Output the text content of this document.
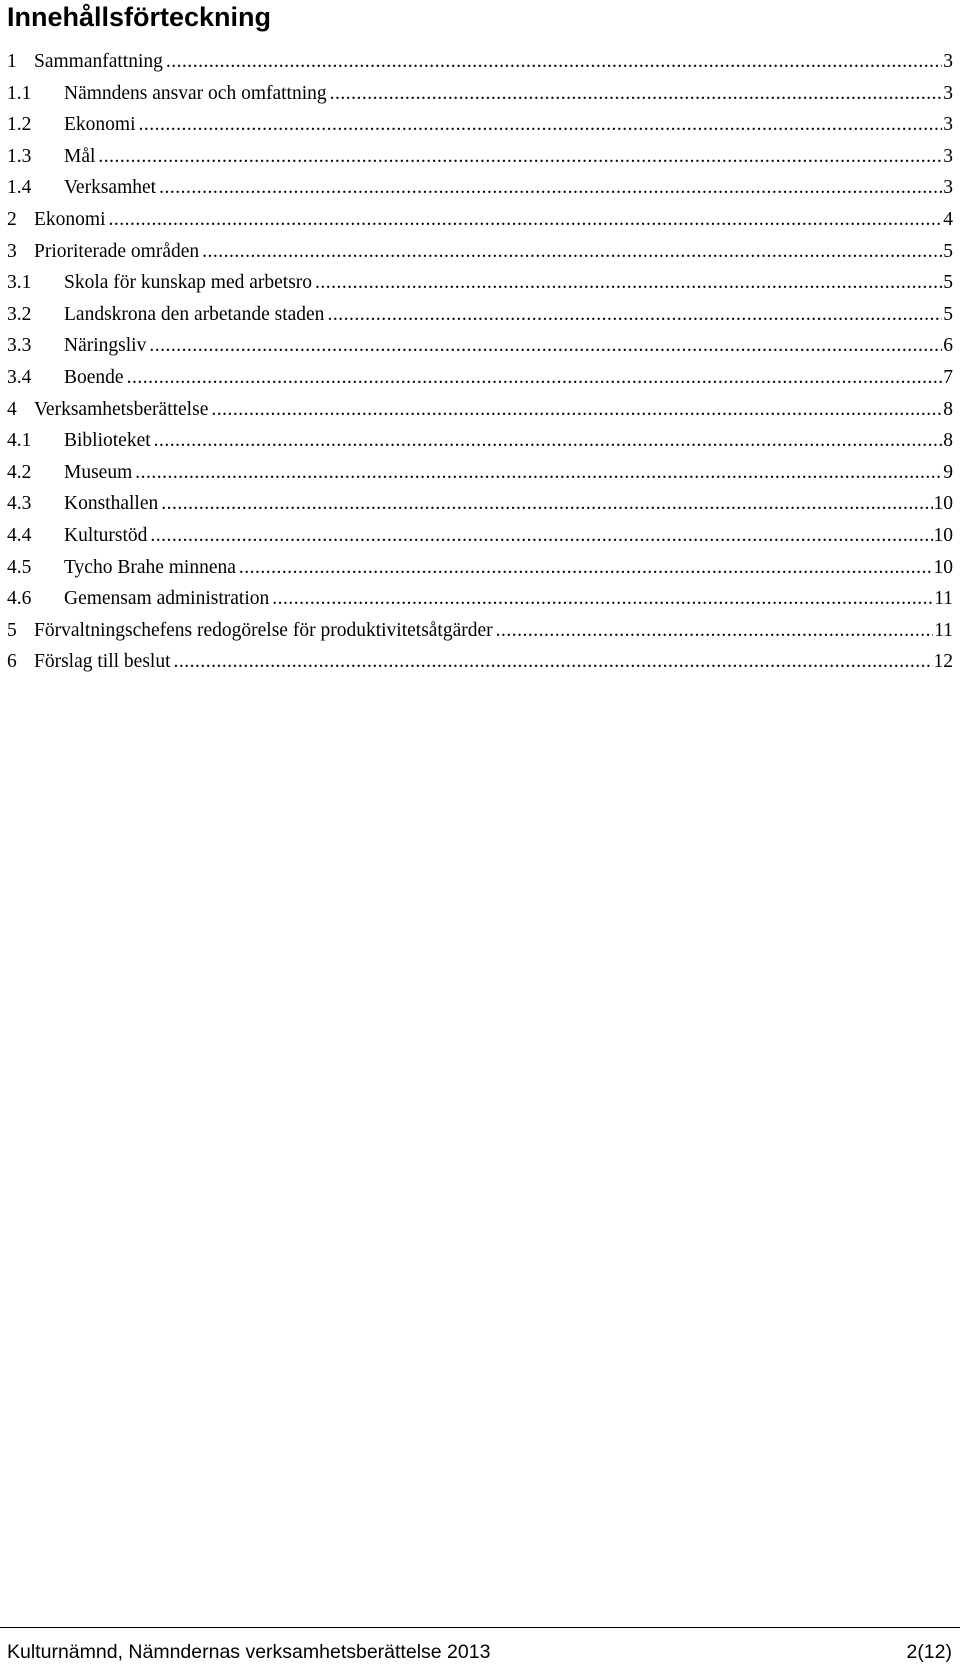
Innehållsförteckning
1 Sammanfattning .....	3
1.1	Nämndens ansvar och omfattning .....	3
1.2	Ekonomi .....	3
1.3	Mål .....	3
1.4	Verksamhet .....	3
2 Ekonomi .....	4
3 Prioriterade områden .....	5
3.1	Skola för kunskap med arbetsro .....	5
3.2	Landskrona den arbetande staden .....	5
3.3	Näringsliv .....	6
3.4	Boende .....	7
4 Verksamhetsberättelse .....	8
4.1	Biblioteket .....	8
4.2	Museum .....	9
4.3	Konsthallen .....	10
4.4	Kulturstöd .....	10
4.5	Tycho Brahe minnena .....	10
4.6	Gemensam administration .....	11
5 Förvaltningschefens redogörelse för produktivitetsåtgärder .....	11
6 Förslag till beslut .....	12
Kulturnämnd, Nämndernas verksamhetsberättelse 2013	2(12)
